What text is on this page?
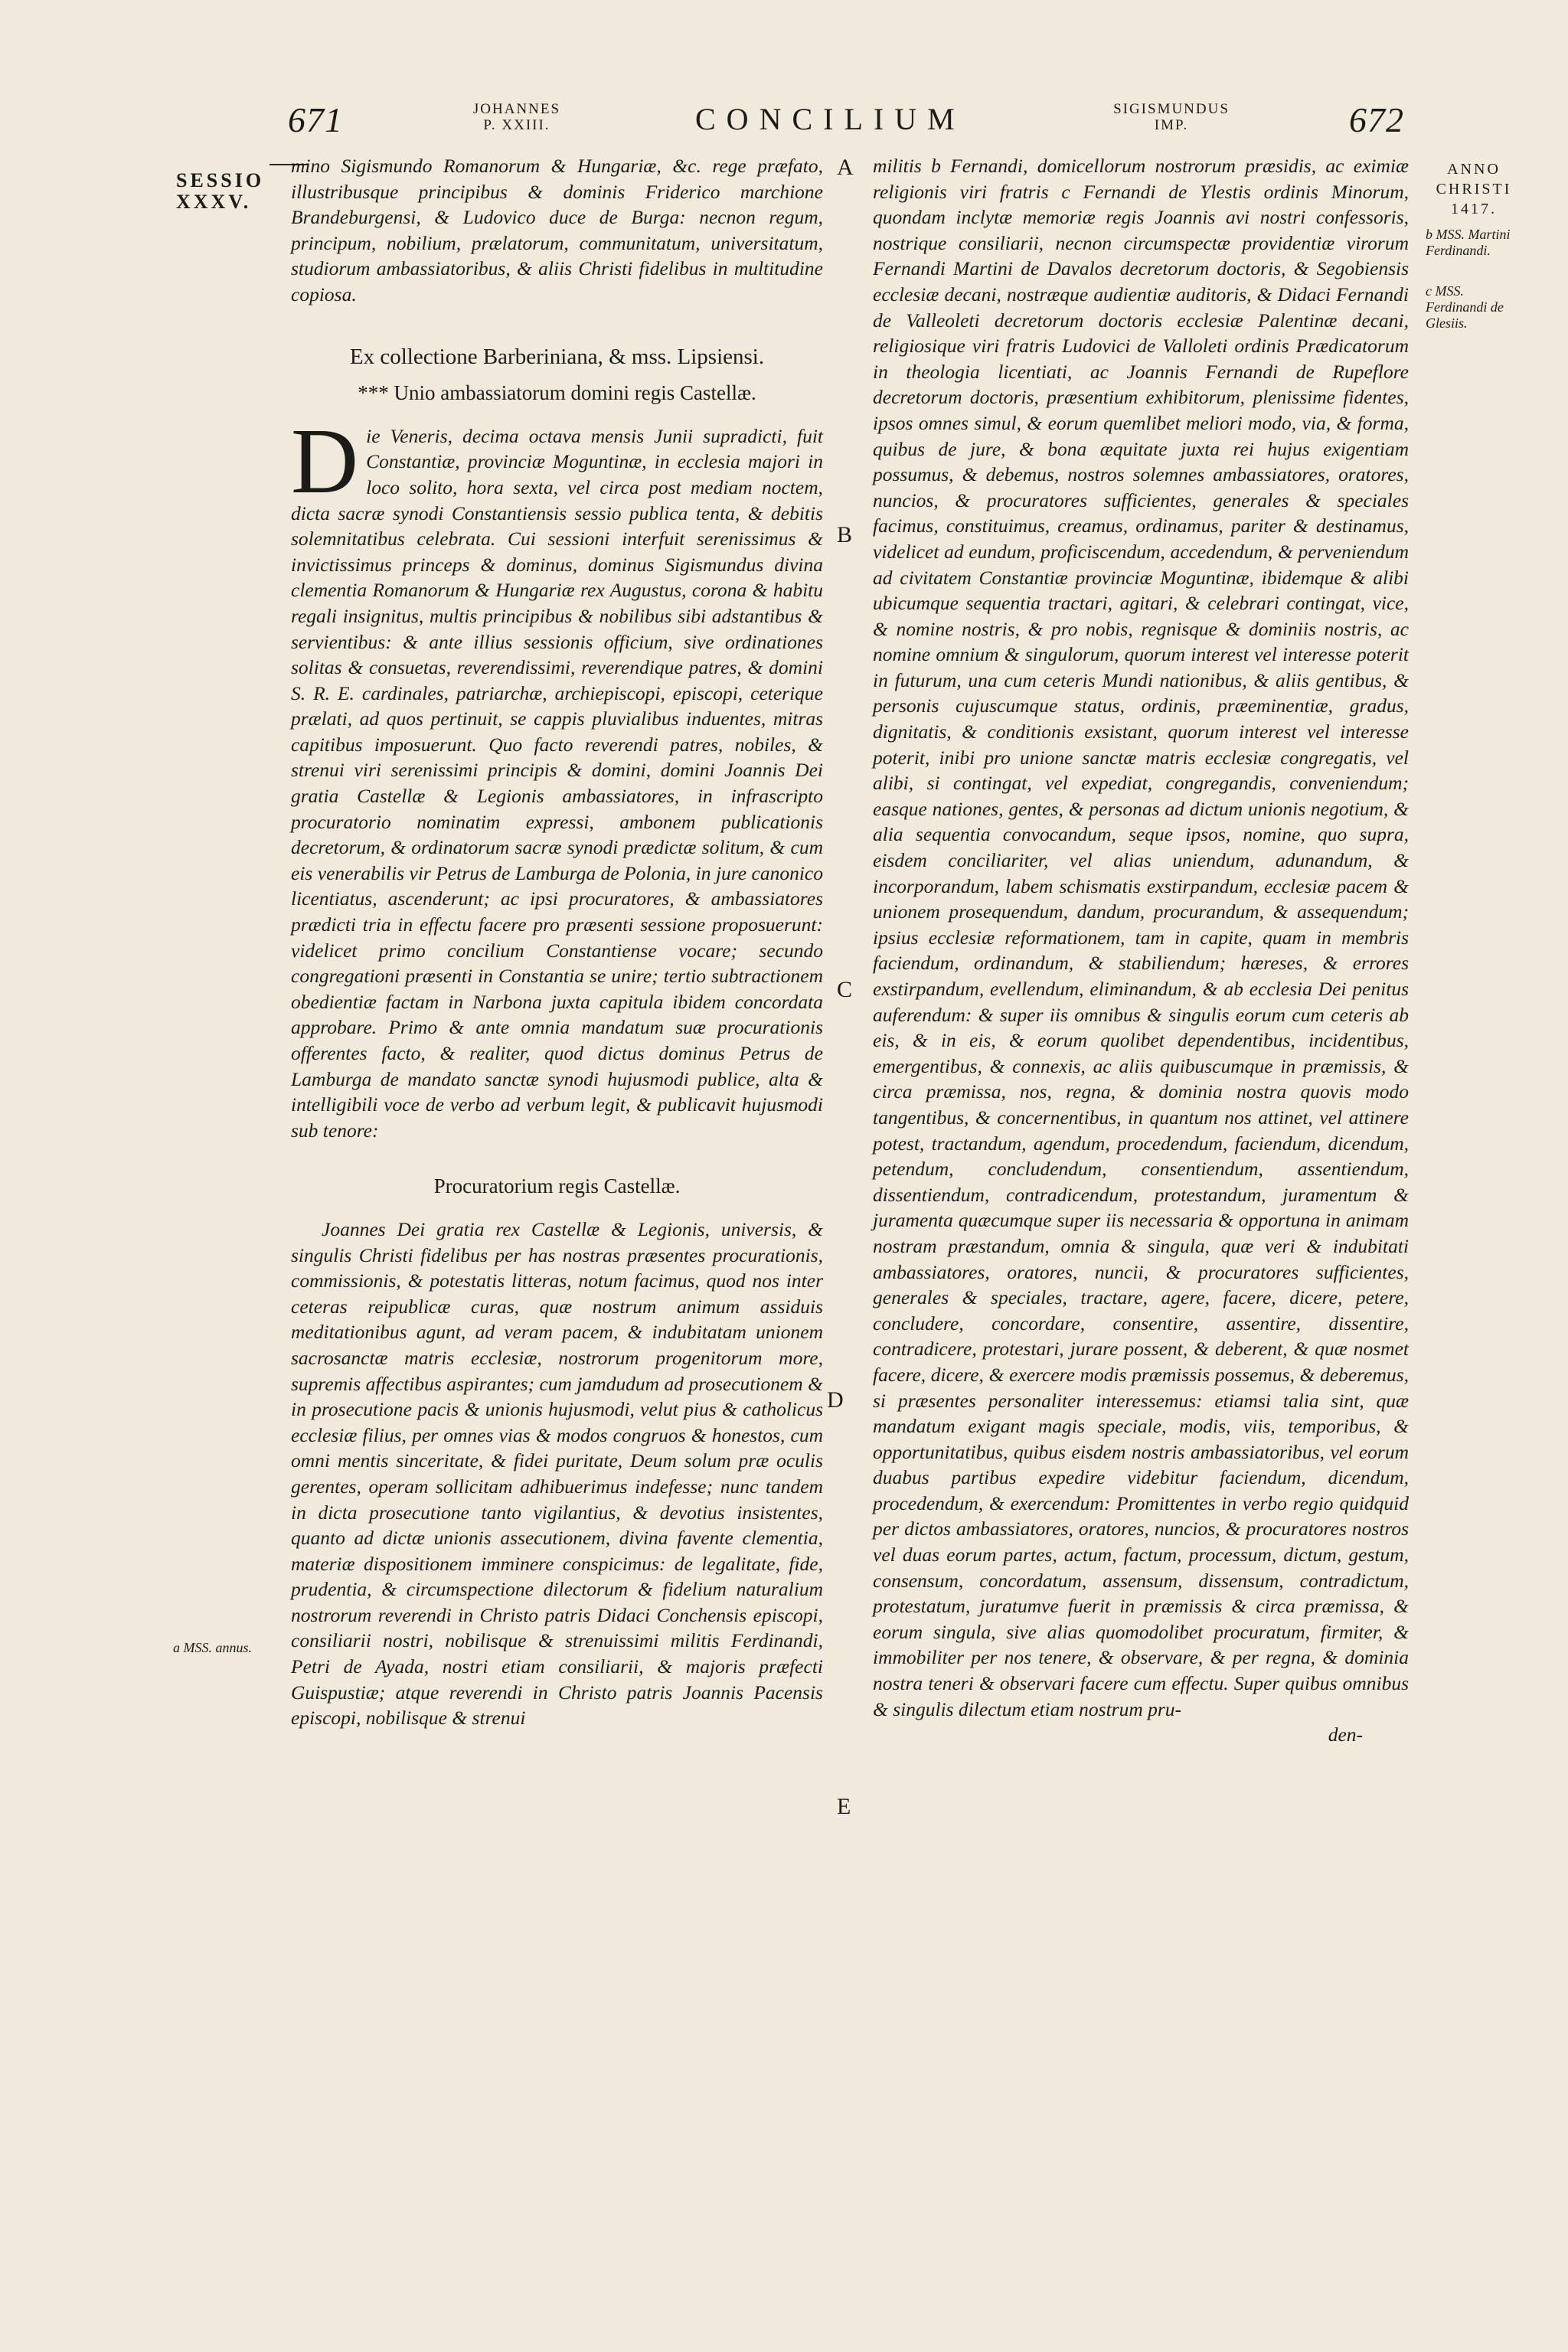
671	JOHANNES
P. XXIII.	CONCILIUM	SIGISMUNDUS
IMP.	672
SESSIO
XXXV.
a MSS. annus.
ANNO
CHRISTI
1417.
b MSS. Martini Ferdinandi.
c MSS. Ferdinandi de Glesiis.
A
B
C
D
E

mino Sigismundo Romanorum & Hungariæ, &c. rege præfato, illustribusque principibus & dominis Friderico marchione Brandeburgensi, & Ludovico duce de Burga: necnon regum, principum, nobilium, prælatorum, communitatum, universitatum, studiorum ambassiatoribus, & aliis Christi fidelibus in multitudine copiosa.

Ex collectione Barberiniana, & mss. Lipsiensi.
*** Unio ambassiatorum domini regis Castellæ.

Die Veneris, decima octava mensis Junii supradicti, fuit Constantiæ, provinciæ Moguntinæ, in ecclesia majori in loco solito, hora sexta, vel circa post mediam noctem, dicta sacræ synodi Constantiensis sessio publica tenta, & debitis solemnitatibus celebrata. Cui sessioni interfuit serenissimus & invictissimus princeps & dominus, dominus Sigismundus divina clementia Romanorum & Hungariæ rex Augustus, corona & habitu regali insignitus, multis principibus & nobilibus sibi adstantibus & servientibus: & ante illius sessionis officium, sive ordinationes solitas & consuetas, reverendissimi, reverendique patres, & domini S. R. E. cardinales, patriarchæ, archiepiscopi, episcopi, ceterique prælati, ad quos pertinuit, se cappis pluvialibus induentes, mitras capitibus imposuerunt. Quo facto reverendi patres, nobiles, & strenui viri serenissimi principis & domini, domini Joannis Dei gratia Castellæ & Legionis ambassiatores, in infrascripto procuratorio nominatim expressi, ambonem publicationis decretorum, & ordinatorum sacræ synodi prædictæ solitum, & cum eis venerabilis vir Petrus de Lamburga de Polonia, in jure canonico licentiatus, ascenderunt; ac ipsi procuratores, & ambassiatores prædicti tria in effectu facere pro præsenti sessione proposuerunt: videlicet primo concilium Constantiense vocare; secundo congregationi præsenti in Constantia se unire; tertio subtractionem obedientiæ factam in Narbona juxta capitula ibidem concordata approbare. Primo & ante omnia mandatum suæ procurationis offerentes facto, & realiter, quod dictus dominus Petrus de Lamburga de mandato sanctæ synodi hujusmodi publice, alta & intelligibili voce de verbo ad verbum legit, & publicavit hujusmodi sub tenore:

Procuratorium regis Castellæ.

Joannes Dei gratia rex Castellæ & Legionis, universis, & singulis Christi fidelibus per has nostras præsentes procurationis, commissionis, & potestatis litteras, notum facimus, quod nos inter ceteras reipublicæ curas, quæ nostrum animum assiduis meditationibus agunt, ad veram pacem, & indubitatam unionem sacrosanctæ matris ecclesiæ, nostrorum progenitorum more, supremis affectibus aspirantes; cum jamdudum ad prosecutionem & in prosecutione pacis & unionis hujusmodi, velut pius & catholicus ecclesiæ filius, per omnes vias & modos congruos & honestos, cum omni mentis sinceritate, & fidei puritate, Deum solum præ oculis gerentes, operam sollicitam adhibuerimus indefesse; nunc tandem in dicta prosecutione tanto vigilantius, & devotius insistentes, quanto ad dictæ unionis assecutionem, divina favente clementia, materiæ dispositionem imminere conspicimus: de legalitate, fide, prudentia, & circumspectione dilectorum & fidelium naturalium nostrorum reverendi in Christo patris Didaci Conchensis episcopi, consiliarii nostri, nobilisque & strenuissimi militis Ferdinandi, Petri de Ayada, nostri etiam consiliarii, & majoris præfecti Guispustiæ; atque reverendi in Christo patris Joannis Pacensis episcopi, nobilisque & strenui

militis b Fernandi, domicellorum nostrorum præsidis, ac eximiæ religionis viri fratris c Fernandi de Ylestis ordinis Minorum, quondam inclytæ memoriæ regis Joannis avi nostri confessoris, nostrique consiliarii, necnon circumspectæ providentiæ virorum Fernandi Martini de Davalos decretorum doctoris, & Segobiensis ecclesiæ decani, nostræque audientiæ auditoris, & Didaci Fernandi de Valleoleti decretorum doctoris ecclesiæ Palentinæ decani, religiosique viri fratris Ludovici de Valloleti ordinis Prædicatorum in theologia licentiati, ac Joannis Fernandi de Rupeflore decretorum doctoris, præsentium exhibitorum, plenissime fidentes, ipsos omnes simul, & eorum quemlibet meliori modo, via, & forma, quibus de jure, & bona æquitate juxta rei hujus exigentiam possumus, & debemus, nostros solemnes ambassiatores, oratores, nuncios, & procuratores sufficientes, generales & speciales facimus, constituimus, creamus, ordinamus, pariter & destinamus, videlicet ad eundum, proficiscendum, accedendum, & perveniendum ad civitatem Constantiæ provinciæ Moguntinæ, ibidemque & alibi ubicumque sequentia tractari, agitari, & celebrari contingat, vice, & nomine nostris, & pro nobis, regnisque & dominiis nostris, ac nomine omnium & singulorum, quorum interest vel interesse poterit in futurum, una cum ceteris Mundi nationibus, & aliis gentibus, & personis cujuscumque status, ordinis, præeminentiæ, gradus, dignitatis, & conditionis exsistant, quorum interest vel interesse poterit, inibi pro unione sanctæ matris ecclesiæ congregatis, vel alibi, si contingat, vel expediat, congregandis, conveniendum; easque nationes, gentes, & personas ad dictum unionis negotium, & alia sequentia convocandum, seque ipsos, nomine, quo supra, eisdem conciliariter, vel alias uniendum, adunandum, & incorporandum, labem schismatis exstirpandum, ecclesiæ pacem & unionem prosequendum, dandum, procurandum, & assequendum; ipsius ecclesiæ reformationem, tam in capite, quam in membris faciendum, ordinandum, & stabiliendum; hæreses, & errores exstirpandum, evellendum, eliminandum, & ab ecclesia Dei penitus auferendum: & super iis omnibus & singulis eorum cum ceteris ab eis, & in eis, & eorum quolibet dependentibus, incidentibus, emergentibus, & connexis, ac aliis quibuscumque in præmissis, & circa præmissa, nos, regna, & dominia nostra quovis modo tangentibus, & concernentibus, in quantum nos attinet, vel attinere potest, tractandum, agendum, procedendum, faciendum, dicendum, petendum, concludendum, consentiendum, assentiendum, dissentiendum, contradicendum, protestandum, juramentum & juramenta quæcumque super iis necessaria & opportuna in animam nostram præstandum, omnia & singula, quæ veri & indubitati ambassiatores, oratores, nuncii, & procuratores sufficientes, generales & speciales, tractare, agere, facere, dicere, petere, concludere, concordare, consentire, assentire, dissentire, contradicere, protestari, jurare possent, & deberent, & quæ nosmet facere, dicere, & exercere modis præmissis possemus, & deberemus, si præsentes personaliter interessemus: etiamsi talia sint, quæ mandatum exigant magis speciale, modis, viis, temporibus, & opportunitatibus, quibus eisdem nostris ambassiatoribus, vel eorum duabus partibus expedire videbitur faciendum, dicendum, procedendum, & exercendum: Promittentes in verbo regio quidquid per dictos ambassiatores, oratores, nuncios, & procuratores nostros vel duas eorum partes, actum, factum, processum, dictum, gestum, consensum, concordatum, assensum, dissensum, contradictum, protestatum, juratumve fuerit in præmissis & circa præmissa, & eorum singula, sive alias quomodolibet procuratum, firmiter, & immobiliter per nos tenere, & observare, & per regna, & dominia nostra teneri & observari facere cum effectu. Super quibus omnibus & singulis dilectum etiam nostrum pru-

den-
